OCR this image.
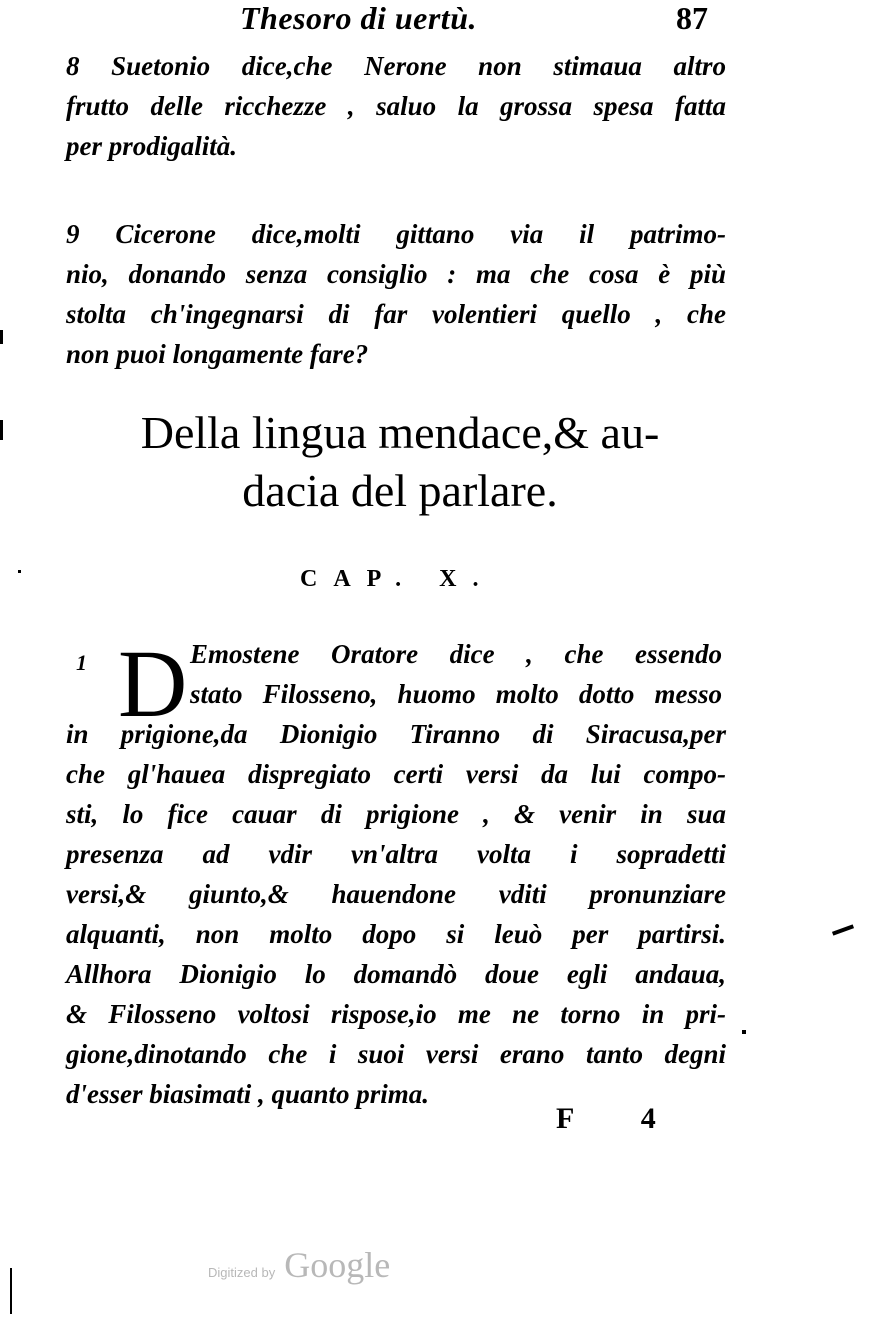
Thesoro di uertù.	87
8 Suetonio dice,che Nerone non stimaua altro
frutto delle ricchezze , saluo la grossa spesa fatta
per prodigalità.
9 Cicerone dice,molti gittano via il patrimo-
nio, donando senza consiglio : ma che cosa è più
stolta ch'ingegnarsi di far volentieri quello , che
non puoi longamente fare?
Della lingua mendace,& au-
dacia del parlare.
CAP. X.
1 D Emostene Oratore dice , che essendo
stato Filosseno, huomo molto dotto messo
in prigione,da Dionigio Tiranno di Siracusa,per
che gl'hauea dispregiato certi versi da lui compo-
sti, lo fice cauar di prigione , & venir in sua
presenza ad vdir vn'altra volta i sopradetti
versi,& giunto,& hauendone vditi pronunziare
alquanti, non molto dopo si leuò per partirsi.
Allhora Dionigio lo domandò doue egli andaua,
& Filosseno voltosi rispose,io me ne torno in pri-
gione,dinotando che i suoi versi erano tanto degni
d'esser biasimati , quanto prima.
F 4
Digitized by Google
